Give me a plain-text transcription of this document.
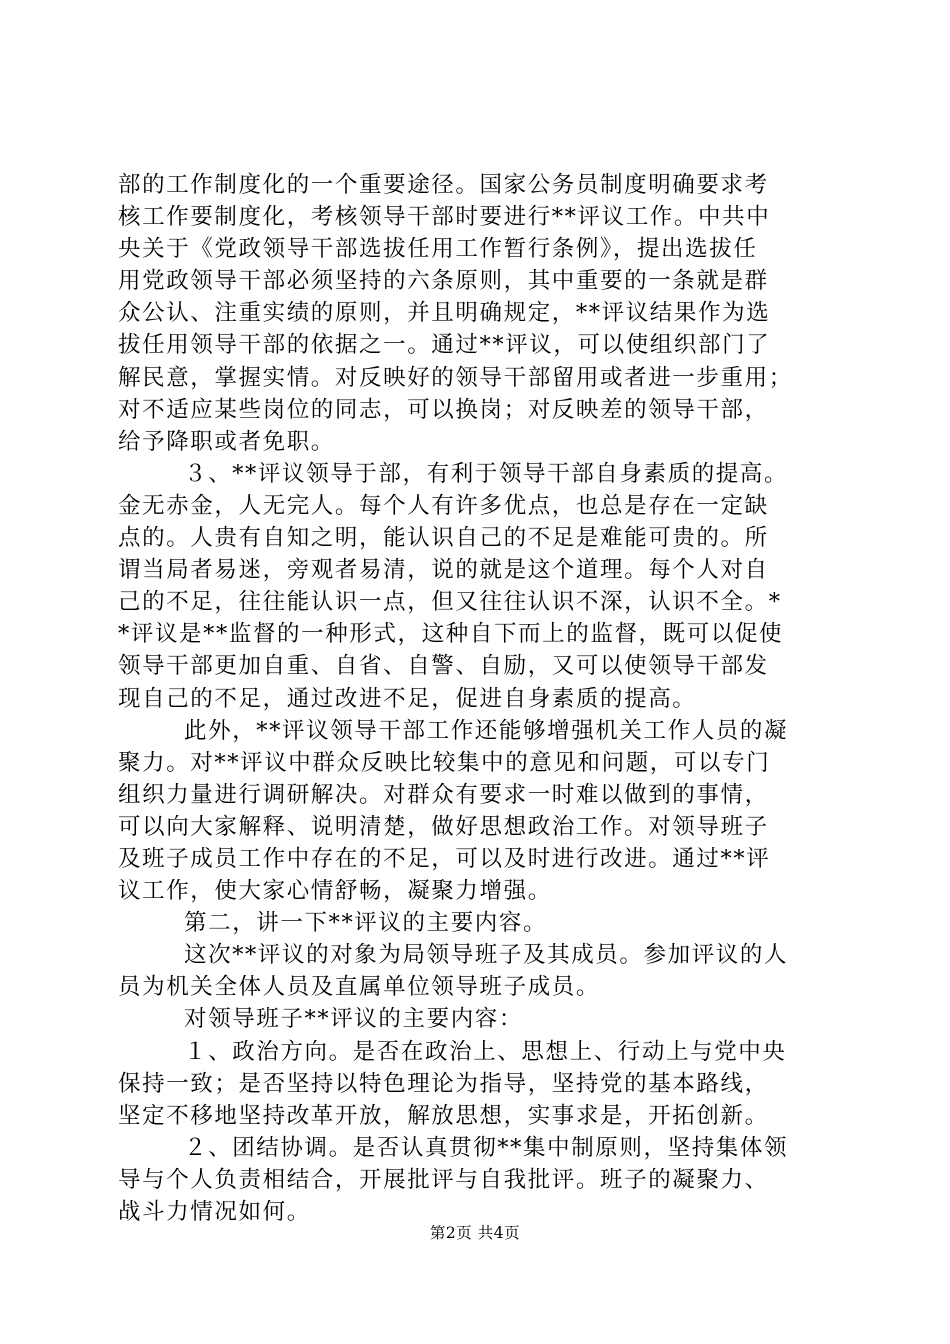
部的工作制度化的一个重要途径。国家公务员制度明确要求考
核工作要制度化，考核领导干部时要进行**评议工作。中共中
央关于《党政领导干部选拔任用工作暂行条例》，提出选拔任
用党政领导干部必须坚持的六条原则，其中重要的一条就是群
众公认、注重实绩的原则，并且明确规定，**评议结果作为选
拔任用领导干部的依据之一。通过**评议，可以使组织部门了
解民意，掌握实情。对反映好的领导干部留用或者进一步重用；
对不适应某些岗位的同志，可以换岗；对反映差的领导干部，
给予降职或者免职。
３、**评议领导于部，有利于领导干部自身素质的提高。
金无赤金，人无完人。每个人有许多优点，也总是存在一定缺
点的。人贵有自知之明，能认识自己的不足是难能可贵的。所
谓当局者易迷，旁观者易清，说的就是这个道理。每个人对自
己的不足，往往能认识一点，但又往往认识不深，认识不全。*
*评议是**监督的一种形式，这种自下而上的监督，既可以促使
领导干部更加自重、自省、自警、自励，又可以使领导干部发
现自己的不足，通过改进不足，促进自身素质的提高。
此外，**评议领导干部工作还能够增强机关工作人员的凝
聚力。对**评议中群众反映比较集中的意见和问题，可以专门
组织力量进行调研解决。对群众有要求一时难以做到的事情，
可以向大家解释、说明清楚，做好思想政治工作。对领导班子
及班子成员工作中存在的不足，可以及时进行改进。通过**评
议工作，使大家心情舒畅，凝聚力增强。
第二，讲一下**评议的主要内容。
这次**评议的对象为局领导班子及其成员。参加评议的人
员为机关全体人员及直属单位领导班子成员。
对领导班子**评议的主要内容：
１、政治方向。是否在政治上、思想上、行动上与党中央
保持一致；是否坚持以特色理论为指导，坚持党的基本路线，
坚定不移地坚持改革开放，解放思想，实事求是，开拓创新。
２、团结协调。是否认真贯彻**集中制原则，坚持集体领
导与个人负责相结合，开展批评与自我批评。班子的凝聚力、
战斗力情况如何。
第2页 共4页
